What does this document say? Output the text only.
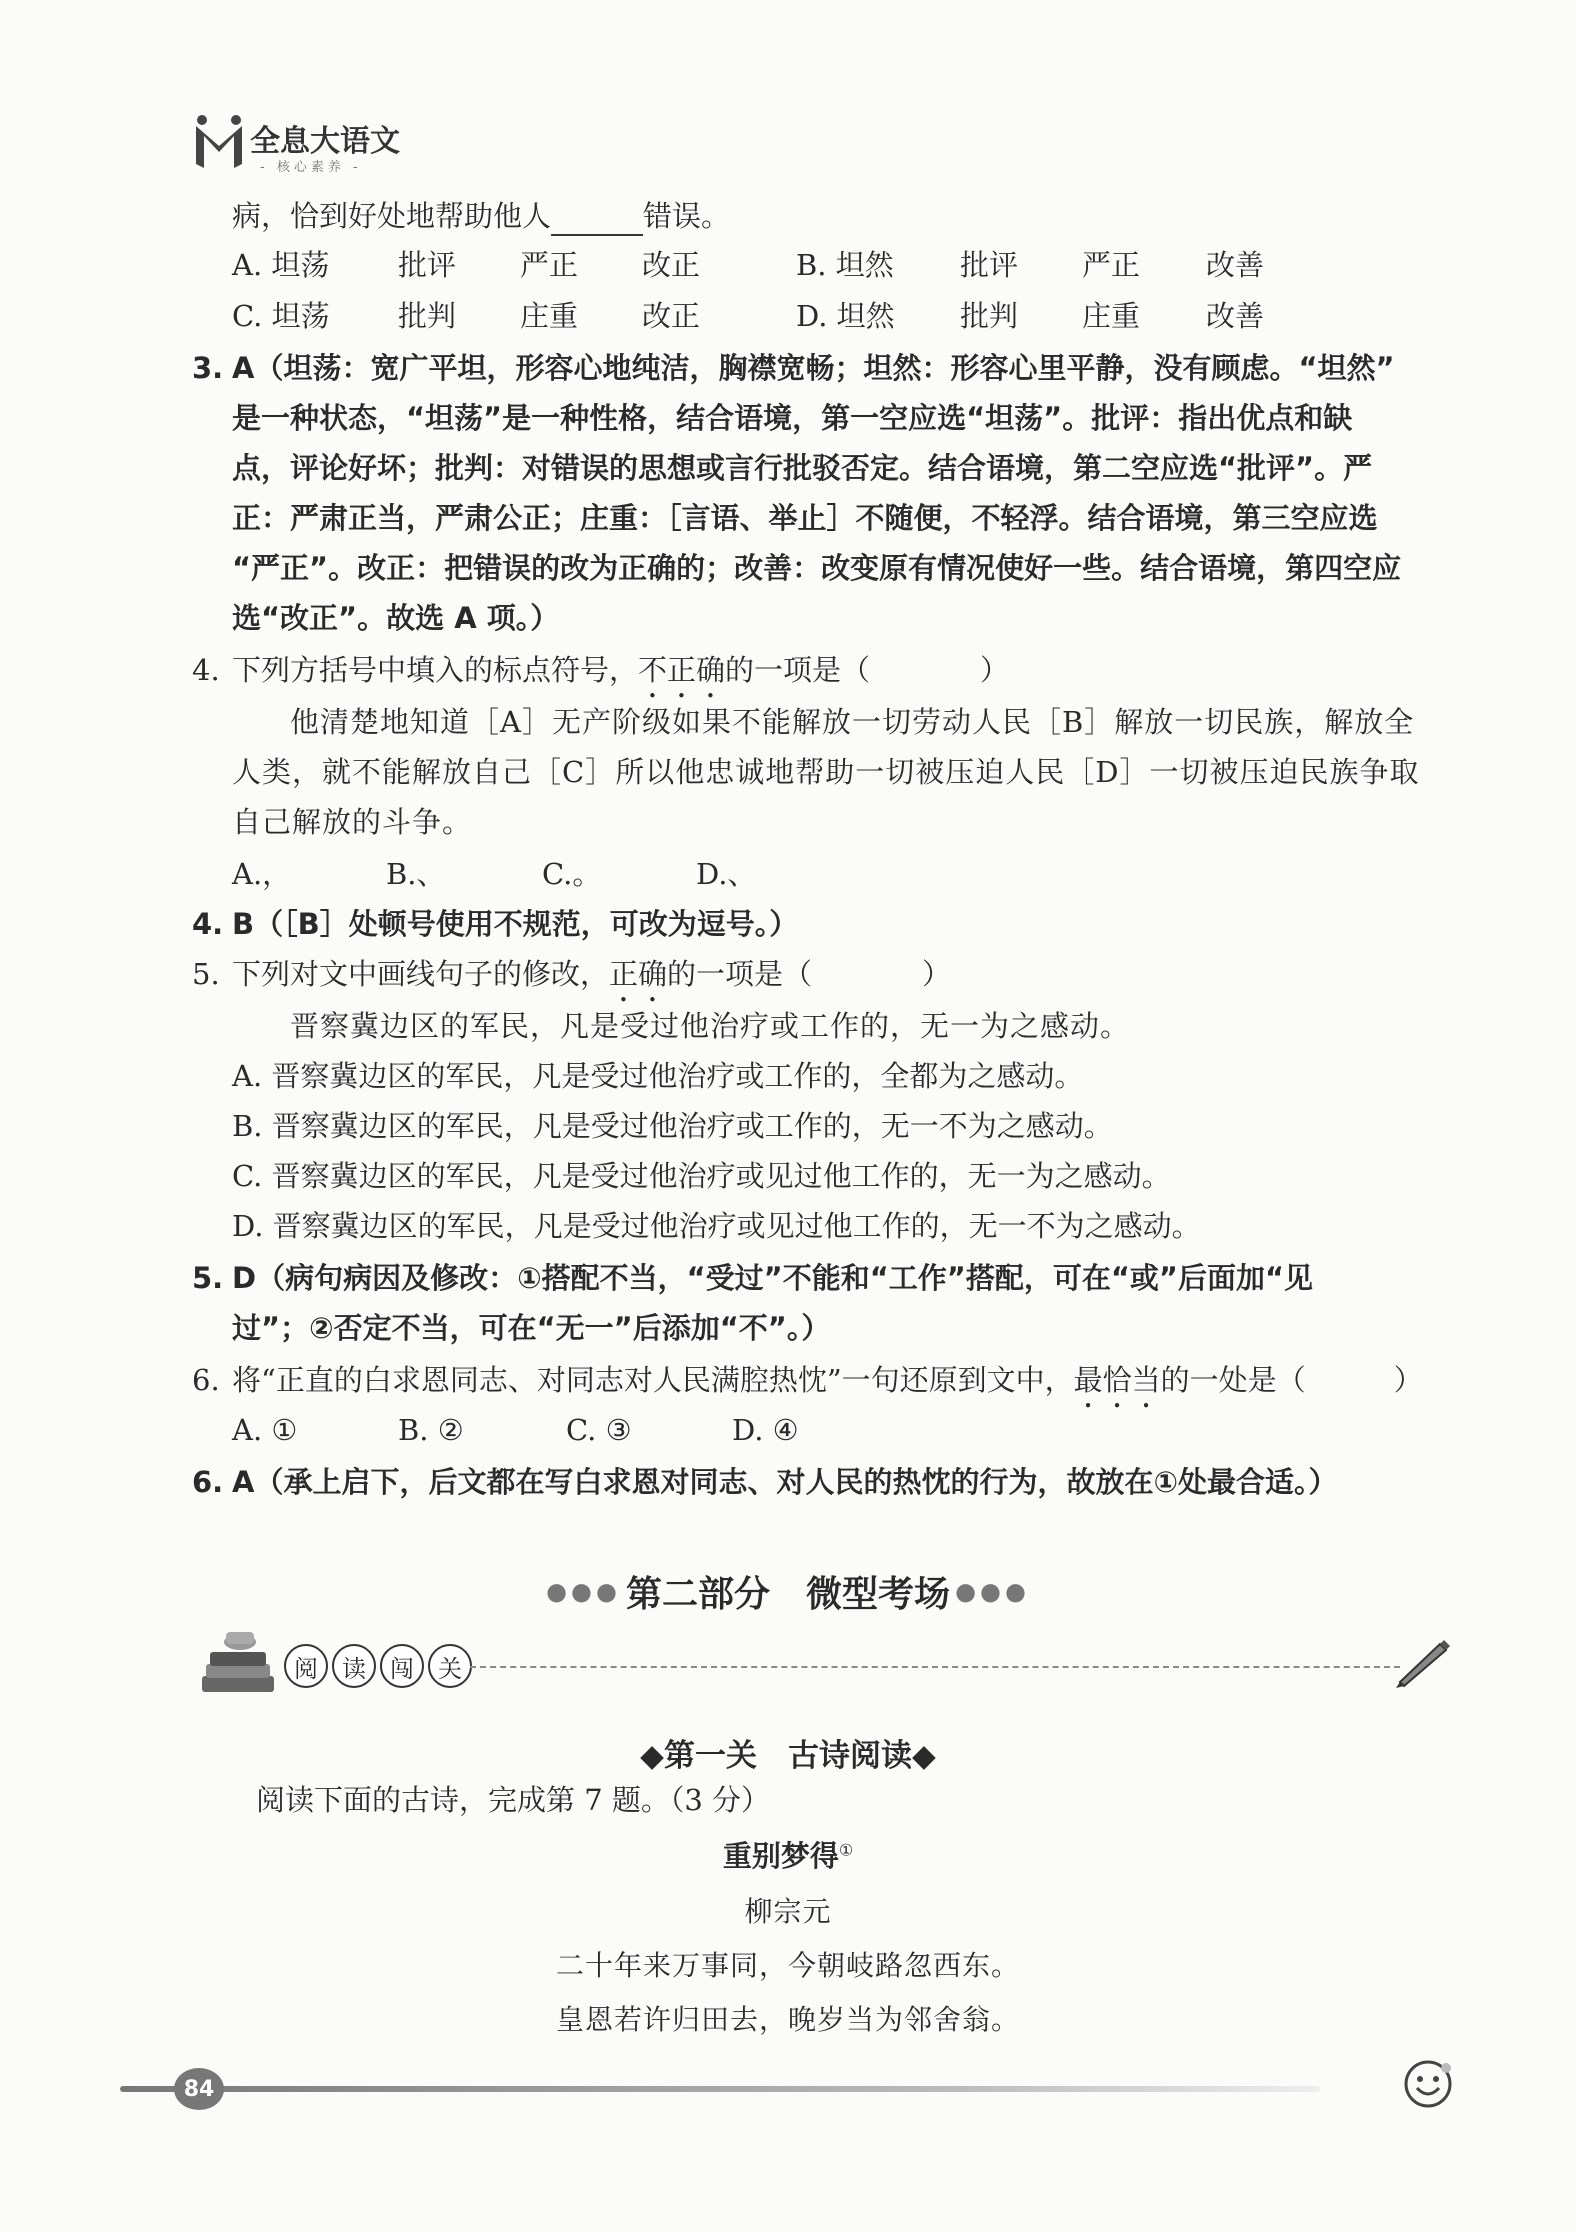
全息大语文
- 核心素养 -
病，恰到好处地帮助他人	错误。
A. 坦荡 批评 严正 改正	B. 坦然 批评 严正 改善
C. 坦荡 批判 庄重 改正	D. 坦然 批判 庄重 改善
3. A（坦荡：宽广平坦，形容心地纯洁，胸襟宽畅；坦然：形容心里平静，没有顾虑。“坦然”
是一种状态，“坦荡”是一种性格，结合语境，第一空应选“坦荡”。批评：指出优点和缺
点，评论好坏；批判：对错误的思想或言行批驳否定。结合语境，第二空应选“批评”。严
正：严肃正当，严肃公正；庄重：［言语、举止］不随便，不轻浮。结合语境，第三空应选
“严正”。改正：把错误的改为正确的；改善：改变原有情况使好一些。结合语境，第四空应
选“改正”。故选 A 项。）
4. 下列方括号中填入的标点符号，不正确的一项是（	）
他清楚地知道［A］无产阶级如果不能解放一切劳动人民［B］解放一切民族，解放全
人类，就不能解放自己［C］所以他忠诚地帮助一切被压迫人民［D］一切被压迫民族争取
自己解放的斗争。
A.，	B.、	C.。	D.、
4. B（［B］处顿号使用不规范，可改为逗号。）
5. 下列对文中画线句子的修改，正确的一项是（	）
晋察冀边区的军民，凡是受过他治疗或工作的，无一为之感动。
A. 晋察冀边区的军民，凡是受过他治疗或工作的，全都为之感动。
B. 晋察冀边区的军民，凡是受过他治疗或工作的，无一不为之感动。
C. 晋察冀边区的军民，凡是受过他治疗或见过他工作的，无一为之感动。
D. 晋察冀边区的军民，凡是受过他治疗或见过他工作的，无一不为之感动。
5. D（病句病因及修改：①搭配不当，“受过”不能和“工作”搭配，可在“或”后面加“见
过”；②否定不当，可在“无一”后添加“不”。）
6. 将“正直的白求恩同志、对同志对人民满腔热忱”一句还原到文中，最恰当的一处是（	）
A. ①	B. ②	C. ③	D. ④
6. A（承上启下，后文都在写白求恩对同志、对人民的热忱的行为，故放在①处最合适。）
●●● 第二部分　微型考场 ●●●
阅	读	闯	关
◆第一关　古诗阅读◆
阅读下面的古诗，完成第 7 题。（3 分）
重别梦得①
柳宗元
二十年来万事同，今朝岐路忽西东。
皇恩若许归田去，晚岁当为邻舍翁。
84
